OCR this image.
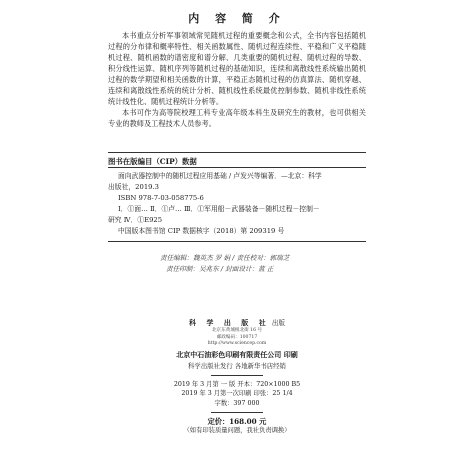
内 容 简 介

本书重点分析军事领域常见随机过程的重要概念和公式，全书内容包括随机过程的分布律和概率特性、相关函数属性、随机过程连续性、平稳和广义平稳随机过程、随机函数的谱密度和谱分解、几类重要的随机过程、随机过程的导数、积分线性运算、随机序列等随机过程的基础知识，连续和离散线性系统输出随机过程的数学期望和相关函数的计算，平稳正态随机过程的仿真算法、随机穿越、连续和离散线性系统的统计分析、随机线性系统最优控制参数、随机非线性系统统计线性化、随机过程统计分析等。

本书可作为高等院校理工科专业高年级本科生及研究生的教材，也可供相关专业的教师及工程技术人员参考。

图书在版编目（CIP）数据
面向武器控制中的随机过程应用基础 / 卢发兴等编著．—北京：科学
出版社，2019.3
ISBN 978-7-03-058775-6
Ⅰ．①面… Ⅱ．①卢… Ⅲ．①军用船－武器装备－随机过程－控制－
研究 Ⅳ．①E925
中国版本图书馆 CIP 数据核字（2018）第 209319 号
责任编辑：魏英杰 罗 娟 / 责任校对：郭瑞芝
责任印制：吴兆东 / 封面设计：蓝 正
科 学 出 版 社 出版
北京东黄城根北街 16 号
邮政编码：100717
http://www.sciencep.com
北京中石油彩色印刷有限责任公司 印刷
科学出版社发行 各地新华书店经销
2019 年 3 月第 一 版 开本：720×1000 B5
2019 年 3 月第一次印刷 印张：25 1/4
字数：397 000
定价：168.00 元
（如有印装质量问题，我社负责调换）
